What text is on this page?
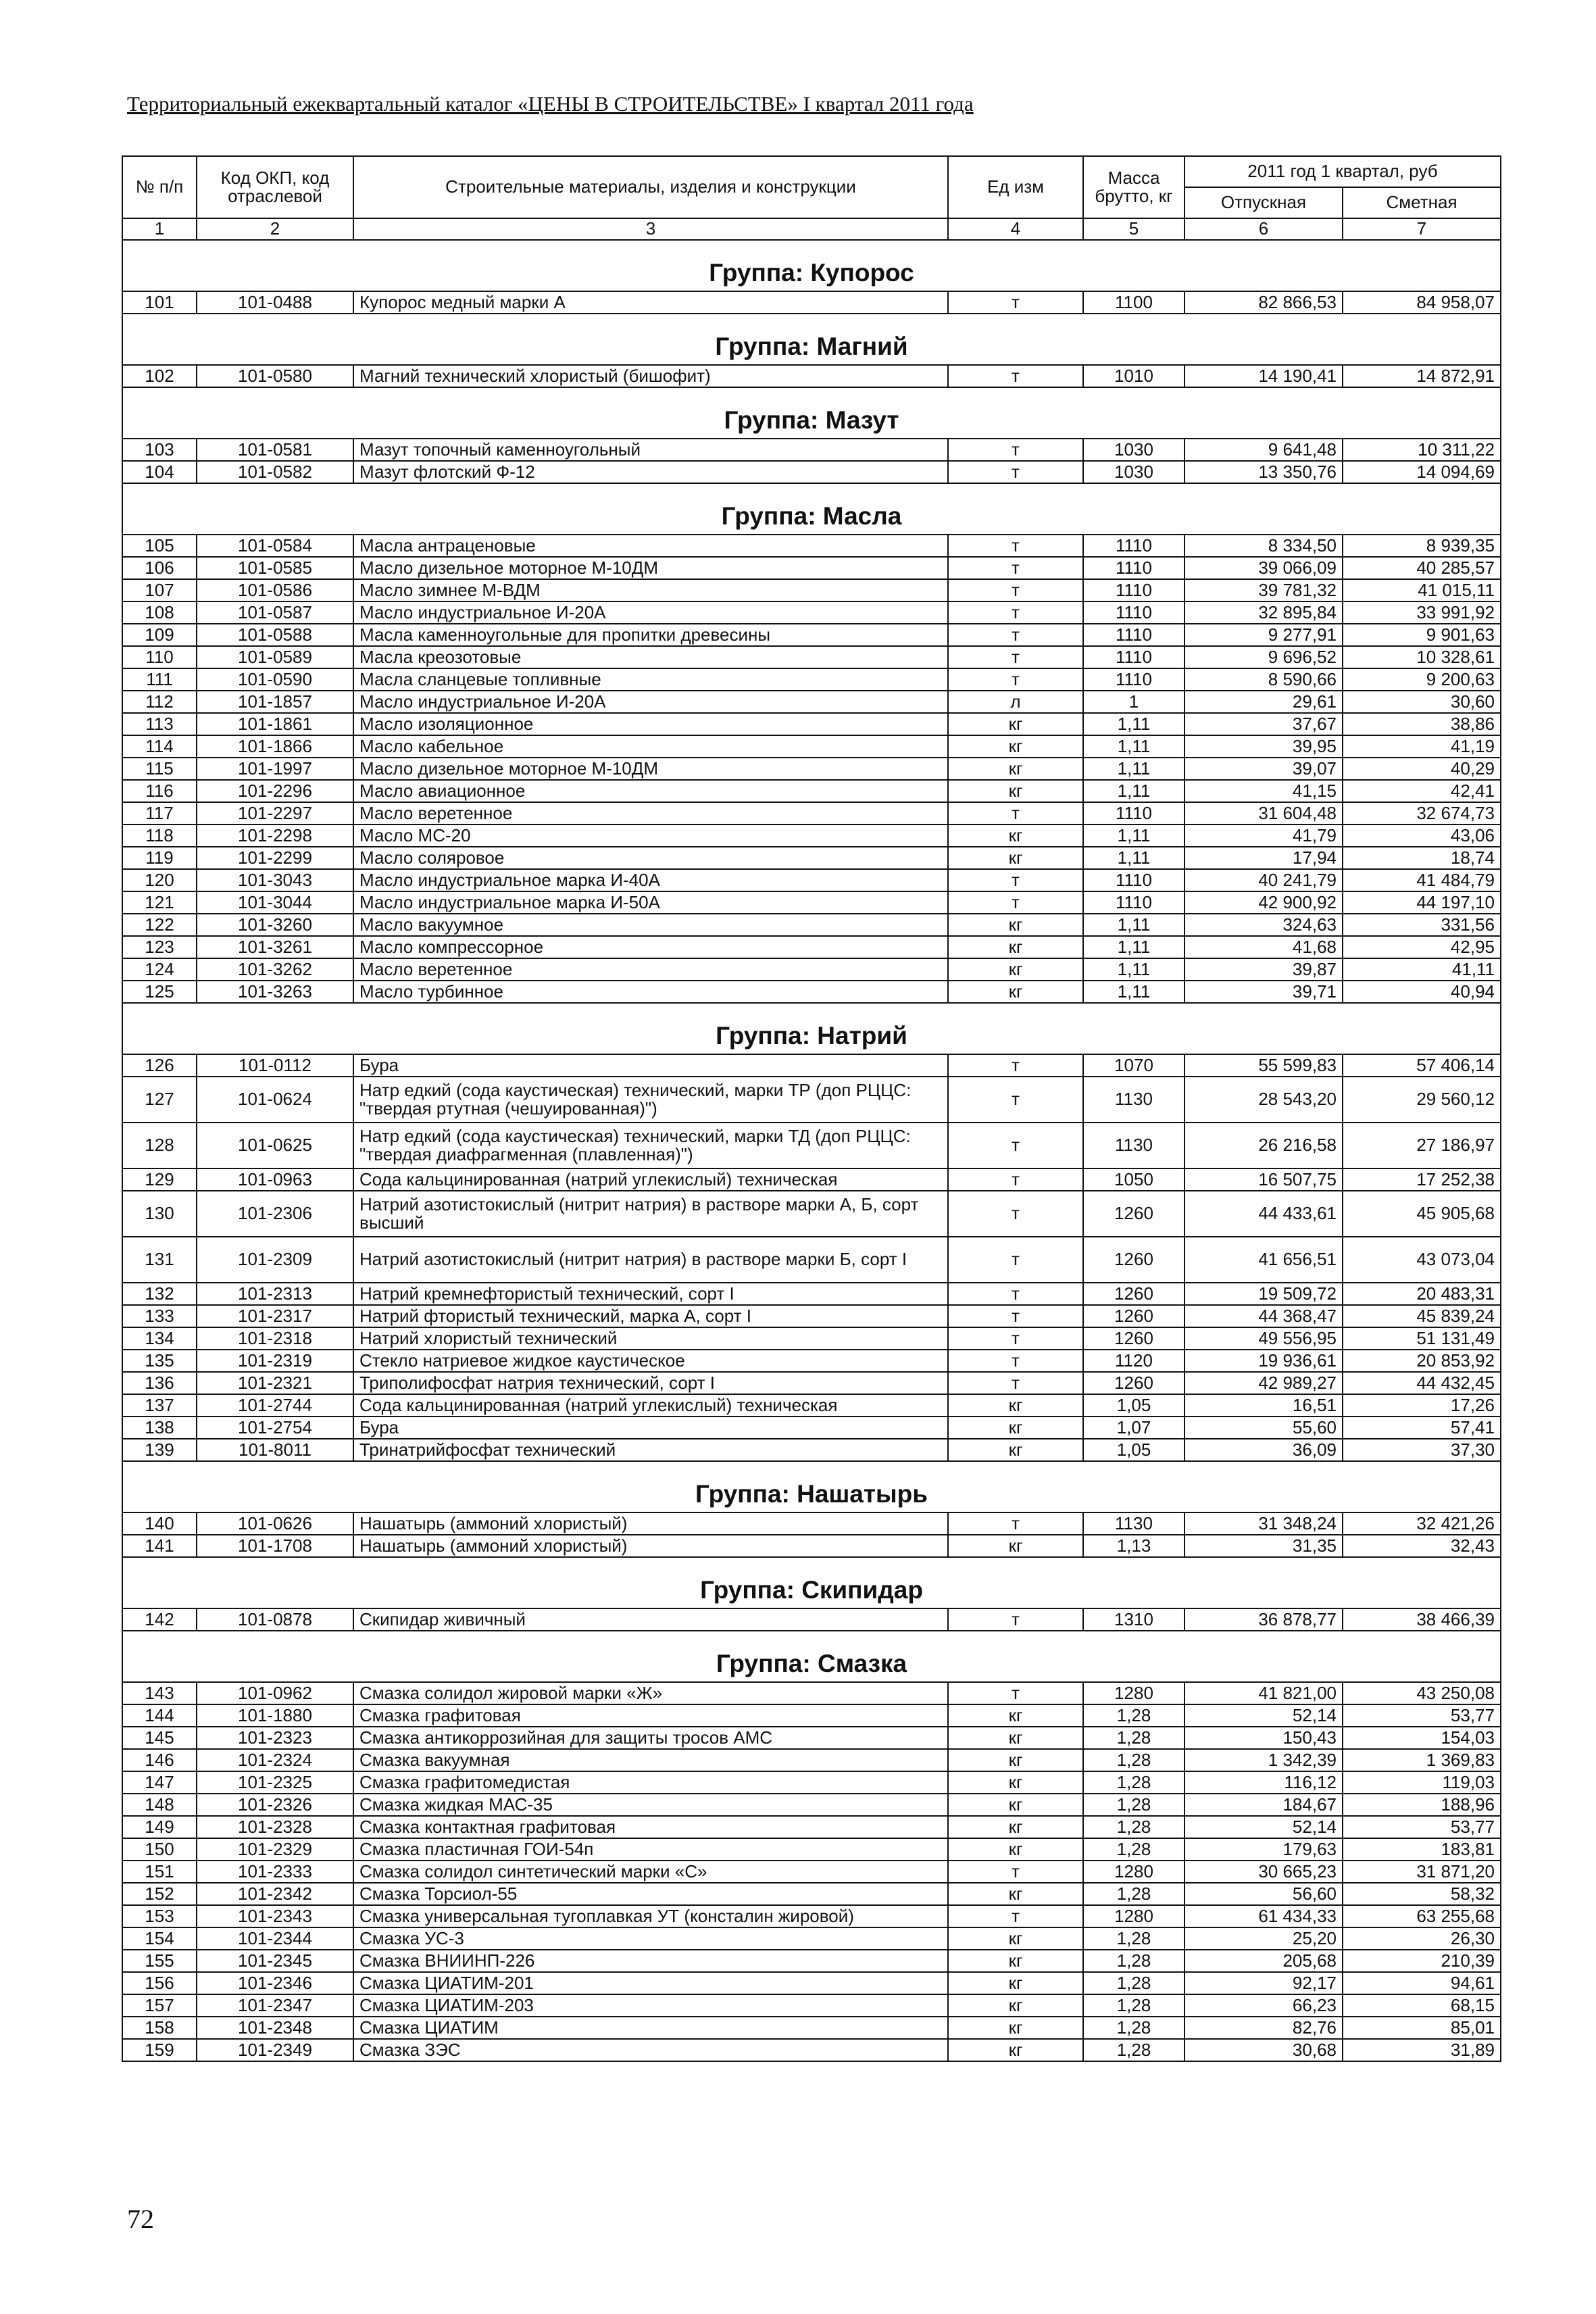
Территориальный ежеквартальный каталог «ЦЕНЫ В СТРОИТЕЛЬСТВЕ» I квартал 2011 года
№ п/п	Код ОКП, код отраслевой	Строительные материалы, изделия и конструкции	Ед изм	Масса брутто, кг	2011 год 1 квартал, руб	
					Отпускная	Сметная
1	2	3	4	5	6	7
Группа: Купорос						
101	101-0488	Купорос медный марки А	т	1100	82 866,53	84 958,07
Группа: Магний						
102	101-0580	Магний технический хлористый (бишофит)	т	1010	14 190,41	14 872,91
Группа: Мазут						
103	101-0581	Мазут топочный каменноугольный	т	1030	9 641,48	10 311,22
104	101-0582	Мазут флотский Ф-12	т	1030	13 350,76	14 094,69
Группа: Масла						
105	101-0584	Масла антраценовые	т	1110	8 334,50	8 939,35
106	101-0585	Масло дизельное моторное М-10ДМ	т	1110	39 066,09	40 285,57
107	101-0586	Масло зимнее М-ВДМ	т	1110	39 781,32	41 015,11
108	101-0587	Масло индустриальное И-20А	т	1110	32 895,84	33 991,92
109	101-0588	Масла каменноугольные для пропитки древесины	т	1110	9 277,91	9 901,63
110	101-0589	Масла креозотовые	т	1110	9 696,52	10 328,61
111	101-0590	Масла сланцевые топливные	т	1110	8 590,66	9 200,63
112	101-1857	Масло индустриальное И-20А	л	1	29,61	30,60
113	101-1861	Масло изоляционное	кг	1,11	37,67	38,86
114	101-1866	Масло кабельное	кг	1,11	39,95	41,19
115	101-1997	Масло дизельное моторное М-10ДМ	кг	1,11	39,07	40,29
116	101-2296	Масло авиационное	кг	1,11	41,15	42,41
117	101-2297	Масло веретенное	т	1110	31 604,48	32 674,73
118	101-2298	Масло МС-20	кг	1,11	41,79	43,06
119	101-2299	Масло соляровое	кг	1,11	17,94	18,74
120	101-3043	Масло индустриальное марка И-40А	т	1110	40 241,79	41 484,79
121	101-3044	Масло индустриальное марка И-50А	т	1110	42 900,92	44 197,10
122	101-3260	Масло вакуумное	кг	1,11	324,63	331,56
123	101-3261	Масло компрессорное	кг	1,11	41,68	42,95
124	101-3262	Масло веретенное	кг	1,11	39,87	41,11
125	101-3263	Масло турбинное	кг	1,11	39,71	40,94
Группа: Натрий						
126	101-0112	Бура	т	1070	55 599,83	57 406,14
127	101-0624	Натр едкий (сода каустическая) технический, марки ТР (доп РЦЦС: "твердая ртутная (чешуированная)")	т	1130	28 543,20	29 560,12
128	101-0625	Натр едкий (сода каустическая) технический, марки ТД (доп РЦЦС: "твердая диафрагменная (плавленная)")	т	1130	26 216,58	27 186,97
129	101-0963	Сода кальцинированная (натрий углекислый) техническая	т	1050	16 507,75	17 252,38
130	101-2306	Натрий азотистокислый (нитрит натрия) в растворе марки А, Б, сорт высший	т	1260	44 433,61	45 905,68
131	101-2309	Натрий азотистокислый (нитрит натрия) в растворе марки Б, сорт I	т	1260	41 656,51	43 073,04
132	101-2313	Натрий кремнефтористый технический, сорт I	т	1260	19 509,72	20 483,31
133	101-2317	Натрий фтористый технический, марка А, сорт I	т	1260	44 368,47	45 839,24
134	101-2318	Натрий хлористый технический	т	1260	49 556,95	51 131,49
135	101-2319	Стекло натриевое жидкое каустическое	т	1120	19 936,61	20 853,92
136	101-2321	Триполифосфат натрия технический, сорт I	т	1260	42 989,27	44 432,45
137	101-2744	Сода кальцинированная (натрий углекислый) техническая	кг	1,05	16,51	17,26
138	101-2754	Бура	кг	1,07	55,60	57,41
139	101-8011	Тринатрийфосфат технический	кг	1,05	36,09	37,30
Группа: Нашатырь						
140	101-0626	Нашатырь (аммоний хлористый)	т	1130	31 348,24	32 421,26
141	101-1708	Нашатырь (аммоний хлористый)	кг	1,13	31,35	32,43
Группа: Скипидар						
142	101-0878	Скипидар живичный	т	1310	36 878,77	38 466,39
Группа: Смазка						
143	101-0962	Смазка солидол жировой марки «Ж»	т	1280	41 821,00	43 250,08
144	101-1880	Смазка графитовая	кг	1,28	52,14	53,77
145	101-2323	Смазка антикоррозийная для защиты тросов АМС	кг	1,28	150,43	154,03
146	101-2324	Смазка вакуумная	кг	1,28	1 342,39	1 369,83
147	101-2325	Смазка графитомедистая	кг	1,28	116,12	119,03
148	101-2326	Смазка жидкая МАС-35	кг	1,28	184,67	188,96
149	101-2328	Смазка контактная графитовая	кг	1,28	52,14	53,77
150	101-2329	Смазка пластичная ГОИ-54п	кг	1,28	179,63	183,81
151	101-2333	Смазка солидол синтетический марки «С»	т	1280	30 665,23	31 871,20
152	101-2342	Смазка Торсиол-55	кг	1,28	56,60	58,32
153	101-2343	Смазка универсальная тугоплавкая УТ (консталин жировой)	т	1280	61 434,33	63 255,68
154	101-2344	Смазка УС-3	кг	1,28	25,20	26,30
155	101-2345	Смазка ВНИИНП-226	кг	1,28	205,68	210,39
156	101-2346	Смазка ЦИАТИМ-201	кг	1,28	92,17	94,61
157	101-2347	Смазка ЦИАТИМ-203	кг	1,28	66,23	68,15
158	101-2348	Смазка ЦИАТИМ	кг	1,28	82,76	85,01
159	101-2349	Смазка ЗЭС	кг	1,28	30,68	31,89
72
